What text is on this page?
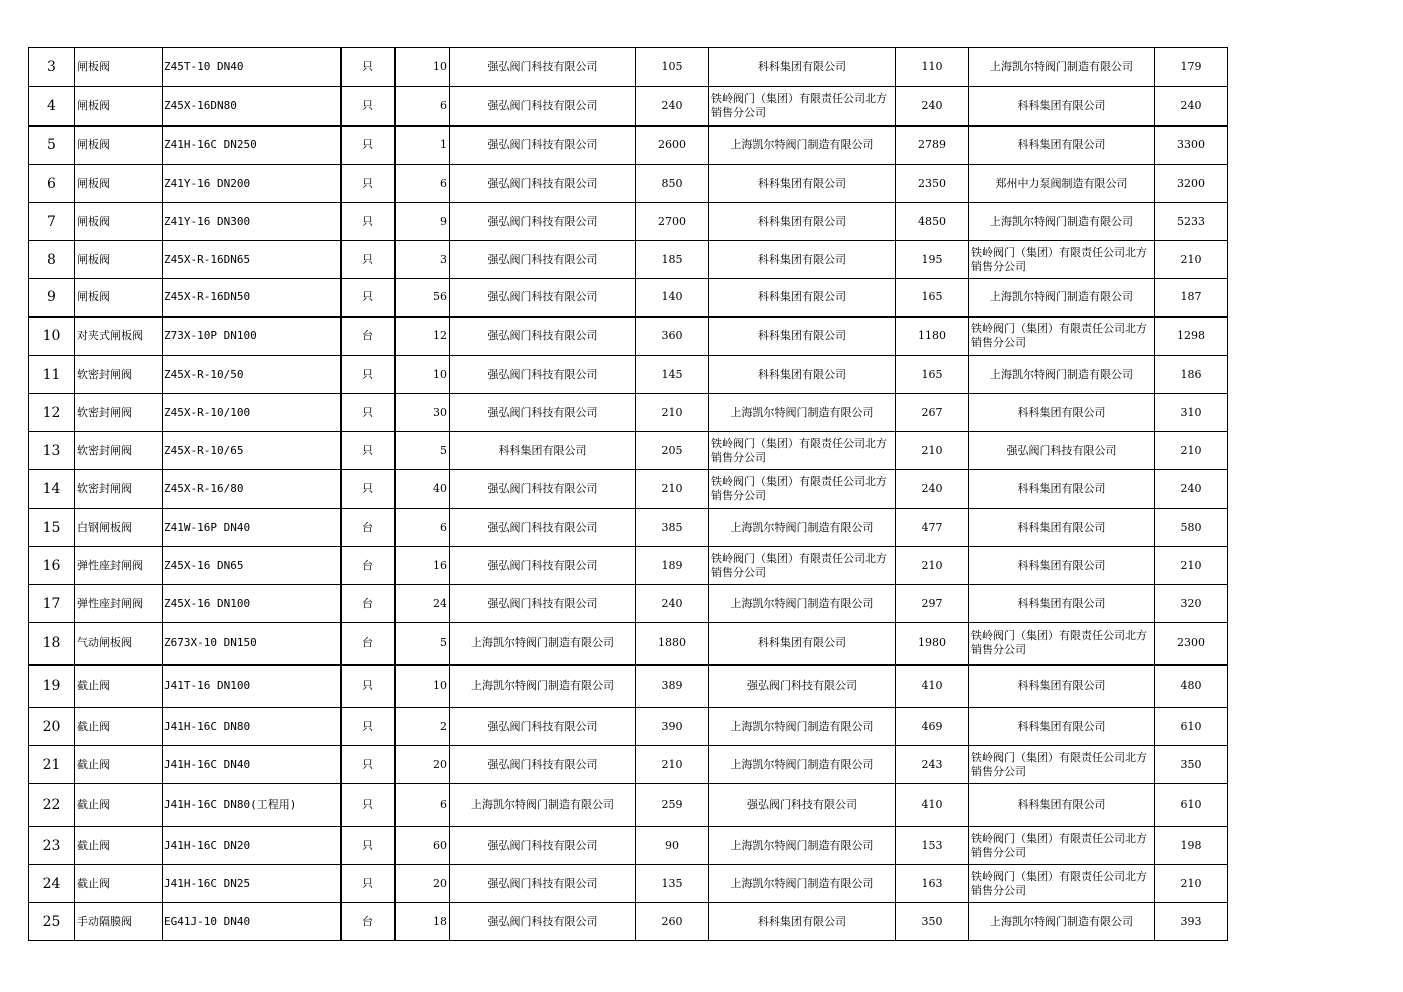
3	闸板阀	Z45T-10 DN40	只	10	强弘阀门科技有限公司	105	科科集团有限公司	110	上海凯尔特阀门制造有限公司	179
4	闸板阀	Z45X-16DN80	只	6	强弘阀门科技有限公司	240	铁岭阀门（集团）有限责任公司北方销售分公司	240	科科集团有限公司	240
5	闸板阀	Z41H-16C DN250	只	1	强弘阀门科技有限公司	2600	上海凯尔特阀门制造有限公司	2789	科科集团有限公司	3300
6	闸板阀	Z41Y-16 DN200	只	6	强弘阀门科技有限公司	850	科科集团有限公司	2350	郑州中力泵阀制造有限公司	3200
7	闸板阀	Z41Y-16 DN300	只	9	强弘阀门科技有限公司	2700	科科集团有限公司	4850	上海凯尔特阀门制造有限公司	5233
8	闸板阀	Z45X-R-16DN65	只	3	强弘阀门科技有限公司	185	科科集团有限公司	195	铁岭阀门（集团）有限责任公司北方销售分公司	210
9	闸板阀	Z45X-R-16DN50	只	56	强弘阀门科技有限公司	140	科科集团有限公司	165	上海凯尔特阀门制造有限公司	187
10	对夹式闸板阀	Z73X-10P DN100	台	12	强弘阀门科技有限公司	360	科科集团有限公司	1180	铁岭阀门（集团）有限责任公司北方销售分公司	1298
11	软密封闸阀	Z45X-R-10/50	只	10	强弘阀门科技有限公司	145	科科集团有限公司	165	上海凯尔特阀门制造有限公司	186
12	软密封闸阀	Z45X-R-10/100	只	30	强弘阀门科技有限公司	210	上海凯尔特阀门制造有限公司	267	科科集团有限公司	310
13	软密封闸阀	Z45X-R-10/65	只	5	科科集团有限公司	205	铁岭阀门（集团）有限责任公司北方销售分公司	210	强弘阀门科技有限公司	210
14	软密封闸阀	Z45X-R-16/80	只	40	强弘阀门科技有限公司	210	铁岭阀门（集团）有限责任公司北方销售分公司	240	科科集团有限公司	240
15	白钢闸板阀	Z41W-16P DN40	台	6	强弘阀门科技有限公司	385	上海凯尔特阀门制造有限公司	477	科科集团有限公司	580
16	弹性座封闸阀	Z45X-16 DN65	台	16	强弘阀门科技有限公司	189	铁岭阀门（集团）有限责任公司北方销售分公司	210	科科集团有限公司	210
17	弹性座封闸阀	Z45X-16 DN100	台	24	强弘阀门科技有限公司	240	上海凯尔特阀门制造有限公司	297	科科集团有限公司	320
18	气动闸板阀	Z673X-10 DN150	台	5	上海凯尔特阀门制造有限公司	1880	科科集团有限公司	1980	铁岭阀门（集团）有限责任公司北方销售分公司	2300
19	截止阀	J41T-16 DN100	只	10	上海凯尔特阀门制造有限公司	389	强弘阀门科技有限公司	410	科科集团有限公司	480
20	截止阀	J41H-16C DN80	只	2	强弘阀门科技有限公司	390	上海凯尔特阀门制造有限公司	469	科科集团有限公司	610
21	截止阀	J41H-16C DN40	只	20	强弘阀门科技有限公司	210	上海凯尔特阀门制造有限公司	243	铁岭阀门（集团）有限责任公司北方销售分公司	350
22	截止阀	J41H-16C DN80(工程用)	只	6	上海凯尔特阀门制造有限公司	259	强弘阀门科技有限公司	410	科科集团有限公司	610
23	截止阀	J41H-16C DN20	只	60	强弘阀门科技有限公司	90	上海凯尔特阀门制造有限公司	153	铁岭阀门（集团）有限责任公司北方销售分公司	198
24	截止阀	J41H-16C DN25	只	20	强弘阀门科技有限公司	135	上海凯尔特阀门制造有限公司	163	铁岭阀门（集团）有限责任公司北方销售分公司	210
25	手动隔膜阀	EG41J-10 DN40	台	18	强弘阀门科技有限公司	260	科科集团有限公司	350	上海凯尔特阀门制造有限公司	393
